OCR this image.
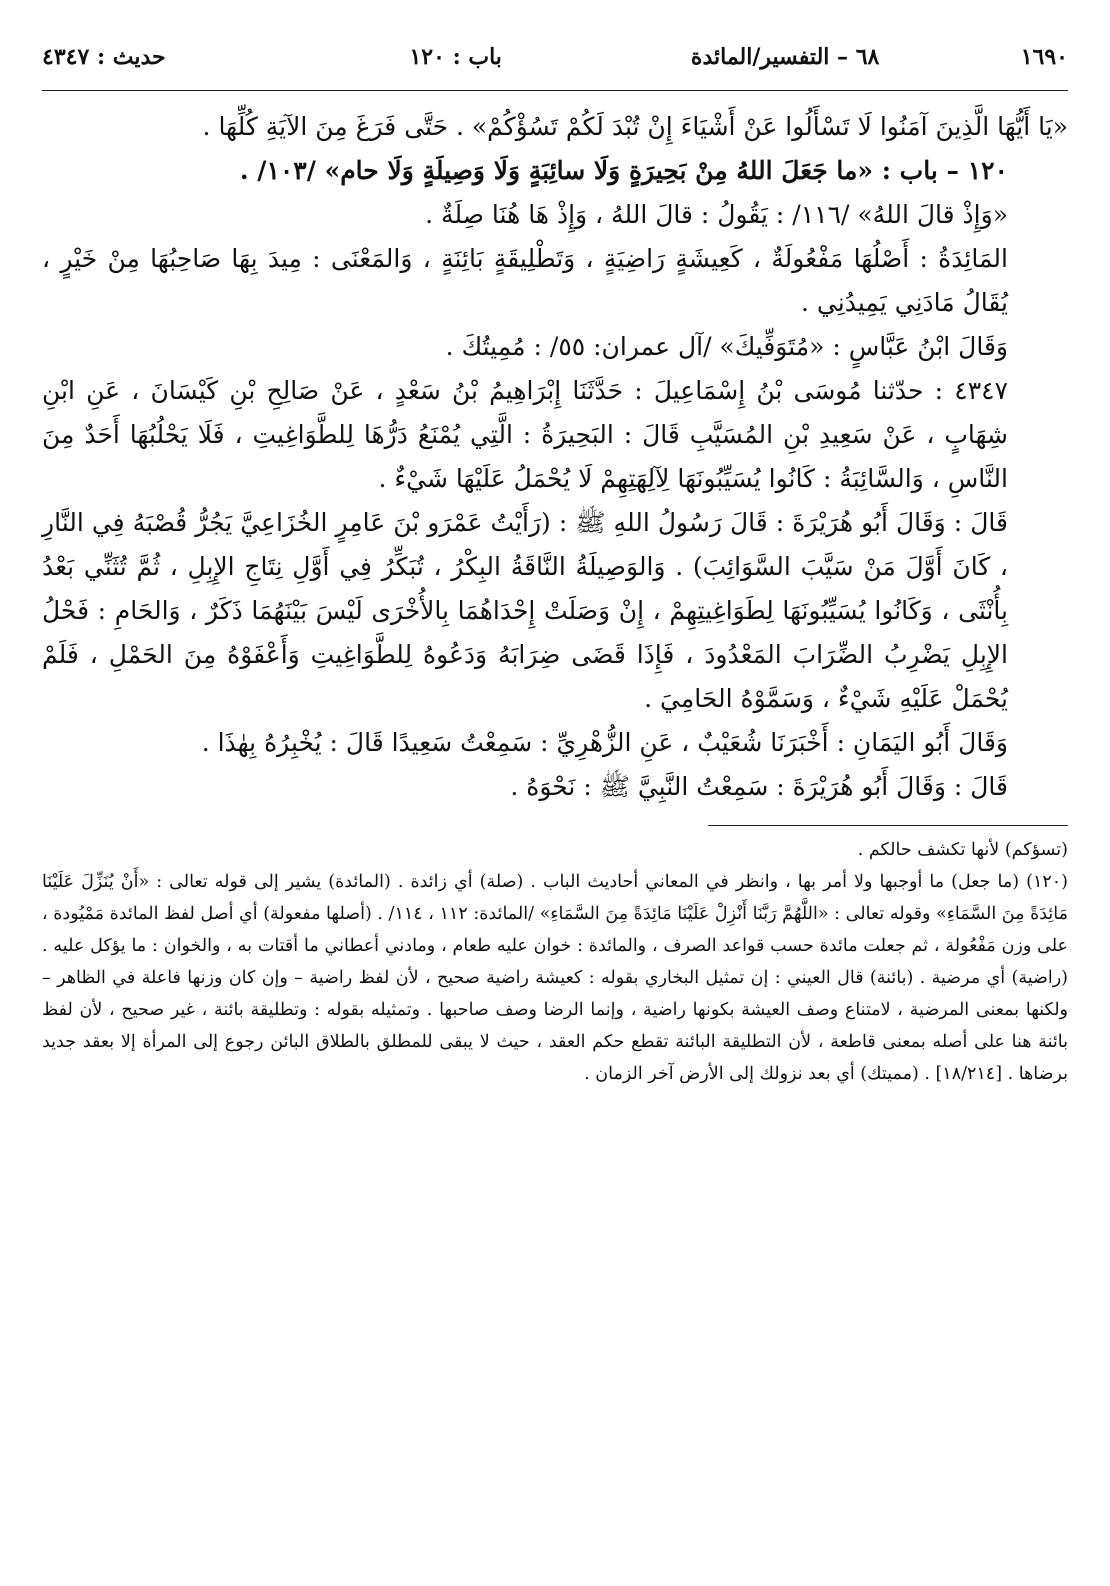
١٦٩٠
٦٨ – التفسير/المائدة
باب : ١٢٠
حديث : ٤٣٤٧

«يَا أَيُّهَا الَّذِينَ آمَنُوا لَا تَسْأَلُوا عَنْ أَشْيَاءَ إِنْ تُبْدَ لَكُمْ تَسُؤْكُمْ» . حَتَّى فَرَغَ مِنَ الآيَةِ كُلِّهَا .

١٢٠ – باب : «ما جَعَلَ اللهُ مِنْ بَحِيرَةٍ وَلَا سائِبَةٍ وَلَا وَصِيلَةٍ وَلَا حام» /١٠٣/ .

«وَإِذْ قالَ اللهُ» /١١٦/ : يَقُولُ : قالَ اللهُ ، وَإِذْ هَا هُنَا صِلَةٌ .

المَائِدَةُ : أَصْلُهَا مَفْعُولَةٌ ، كَعِيشَةٍ رَاضِيَةٍ ، وَتَطْلِيقَةٍ بَائِنَةٍ ، وَالمَعْنَى : مِيدَ بِهَا صَاحِبُهَا مِنْ خَيْرٍ ، يُقَالُ مَادَنِي يَمِيدُنِي .

وَقَالَ ابْنُ عَبَّاسٍ : «مُتَوَفِّيكَ» /آل عمران: ٥٥/ : مُمِيتُكَ .

٤٣٤٧ : حدّثنا مُوسَى بْنُ إِسْمَاعِيلَ : حَدَّثَنَا إِبْرَاهِيمُ بْنُ سَعْدٍ ، عَنْ صَالِحِ بْنِ كَيْسَانَ ، عَنِ ابْنِ شِهَابٍ ، عَنْ سَعِيدِ بْنِ المُسَيَّبِ قَالَ : البَحِيرَةُ : الَّتِي يُمْنَعُ دَرُّهَا لِلطَّوَاغِيتِ ، فَلَا يَحْلُبُهَا أَحَدٌ مِنَ النَّاسِ ، وَالسَّائِبَةُ : كَانُوا يُسَيِّبُونَهَا لِآلِهَتِهِمْ لَا يُحْمَلُ عَلَيْهَا شَيْءٌ .

قَالَ : وَقَالَ أَبُو هُرَيْرَةَ : قَالَ رَسُولُ اللهِ ﷺ : (رَأَيْتُ عَمْرَو بْنَ عَامِرٍ الخُزَاعِيَّ يَجُرُّ قُصْبَهُ فِي النَّارِ ، كَانَ أَوَّلَ مَنْ سَيَّبَ السَّوَائِبَ) . وَالوَصِيلَةُ النَّاقَةُ البِكْرُ ، تُبَكِّرُ فِي أَوَّلِ نِتَاجِ الإِبِلِ ، ثُمَّ تُثَنِّي بَعْدُ بِأُنْثَى ، وَكَانُوا يُسَيِّبُونَهَا لِطَوَاغِيتِهِمْ ، إِنْ وَصَلَتْ إِحْدَاهُمَا بِالأُخْرَى لَيْسَ بَيْنَهُمَا ذَكَرٌ ، وَالحَامِ : فَحْلُ الإِبِلِ يَضْرِبُ الضِّرَابَ المَعْدُودَ ، فَإِذَا قَضَى ضِرَابَهُ وَدَعُوهُ لِلطَّوَاغِيتِ وَأَعْفَوْهُ مِنَ الحَمْلِ ، فَلَمْ يُحْمَلْ عَلَيْهِ شَيْءٌ ، وَسَمَّوْهُ الحَامِيَ .

وَقَالَ أَبُو اليَمَانِ : أَخْبَرَنَا شُعَيْبٌ ، عَنِ الزُّهْرِيِّ : سَمِعْتُ سَعِيدًا قَالَ : يُخْبِرُهُ بِهٰذَا .

قَالَ : وَقَالَ أَبُو هُرَيْرَةَ : سَمِعْتُ النَّبِيَّ ﷺ : نَحْوَهُ .

(تسؤكم) لأنها تكشف حالكم .

(١٢٠) (ما جعل) ما أوجبها ولا أمر بها ، وانظر في المعاني أحاديث الباب . (صلة) أي زائدة . (المائدة) يشير إلى قوله تعالى : «أَنْ يُنَزِّلَ عَلَيْنَا مَائِدَةً مِنَ السَّمَاءِ» وقوله تعالى : «اللَّهُمَّ رَبَّنَا أَنْزِلْ عَلَيْنَا مَائِدَةً مِنَ السَّمَاءِ» /المائدة: ١١٢ ، ١١٤/ . (أصلها مفعولة) أي أصل لفظ المائدة مَمْيُودة ، على وزن مَفْعُولة ، ثم جعلت مائدة حسب قواعد الصرف ، والمائدة : خوان عليه طعام ، ومادني أعطاني ما أقتات به ، والخوان : ما يؤكل عليه . (راضية) أي مرضية . (بائنة) قال العيني : إن تمثيل البخاري بقوله : كعيشة راضية صحيح ، لأن لفظ راضية – وإن كان وزنها فاعلة في الظاهر – ولكنها بمعنى المرضية ، لامتناع وصف العيشة بكونها راضية ، وإنما الرضا وصف صاحبها . وتمثيله بقوله : وتطليقة بائنة ، غير صحيح ، لأن لفظ بائنة هنا على أصله بمعنى قاطعة ، لأن التطليقة البائنة تقطع حكم العقد ، حيث لا يبقى للمطلق بالطلاق البائن رجوع إلى المرأة إلا بعقد جديد برضاها . [١٨/٢١٤] . (مميتك) أي بعد نزولك إلى الأرض آخر الزمان .
